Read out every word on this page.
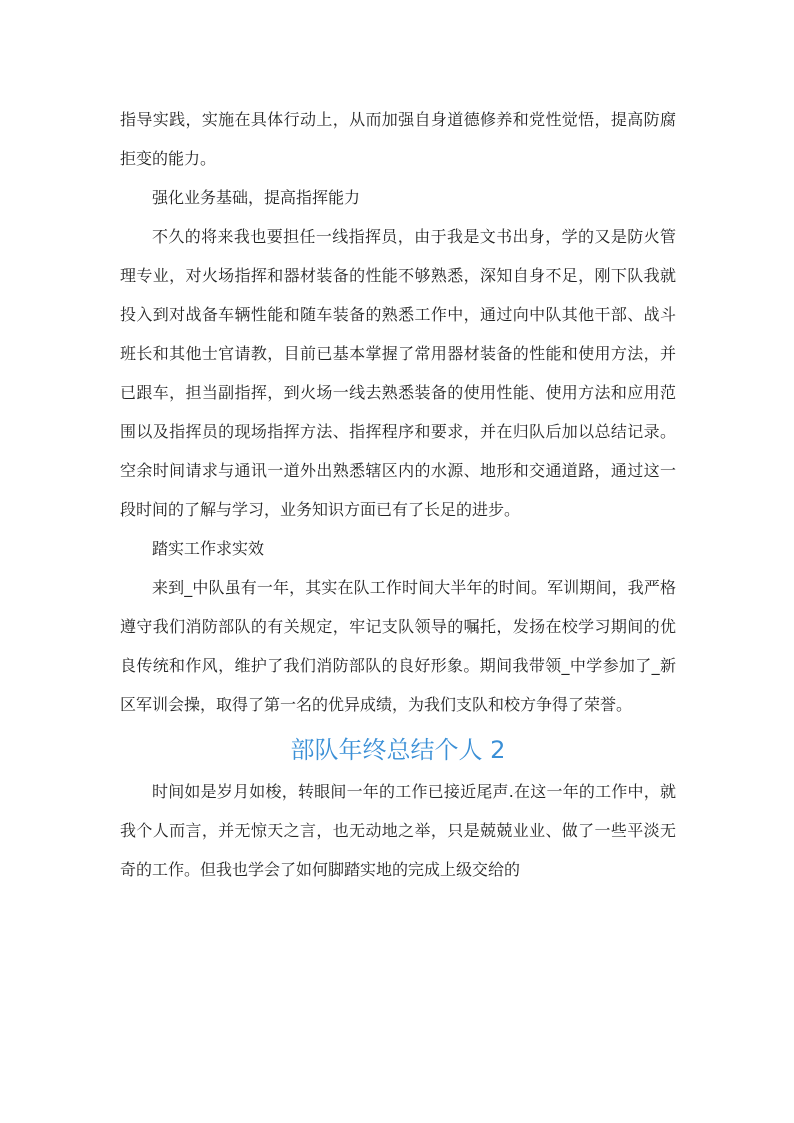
指导实践，实施在具体行动上，从而加强自身道德修养和党性觉悟，提高防腐拒变的能力。

强化业务基础，提高指挥能力

不久的将来我也要担任一线指挥员，由于我是文书出身，学的又是防火管理专业，对火场指挥和器材装备的性能不够熟悉，深知自身不足，刚下队我就投入到对战备车辆性能和随车装备的熟悉工作中，通过向中队其他干部、战斗班长和其他士官请教，目前已基本掌握了常用器材装备的性能和使用方法，并已跟车，担当副指挥，到火场一线去熟悉装备的使用性能、使用方法和应用范围以及指挥员的现场指挥方法、指挥程序和要求，并在归队后加以总结记录。空余时间请求与通讯一道外出熟悉辖区内的水源、地形和交通道路，通过这一段时间的了解与学习，业务知识方面已有了长足的进步。

踏实工作求实效

来到_中队虽有一年，其实在队工作时间大半年的时间。军训期间，我严格遵守我们消防部队的有关规定，牢记支队领导的嘱托，发扬在校学习期间的优良传统和作风，维护了我们消防部队的良好形象。期间我带领_中学参加了_新区军训会操，取得了第一名的优异成绩，为我们支队和校方争得了荣誉。

部队年终总结个人 2

时间如是岁月如梭，转眼间一年的工作已接近尾声.在这一年的工作中，就我个人而言，并无惊天之言，也无动地之举，只是兢兢业业、做了一些平淡无奇的工作。但我也学会了如何脚踏实地的完成上级交给的
